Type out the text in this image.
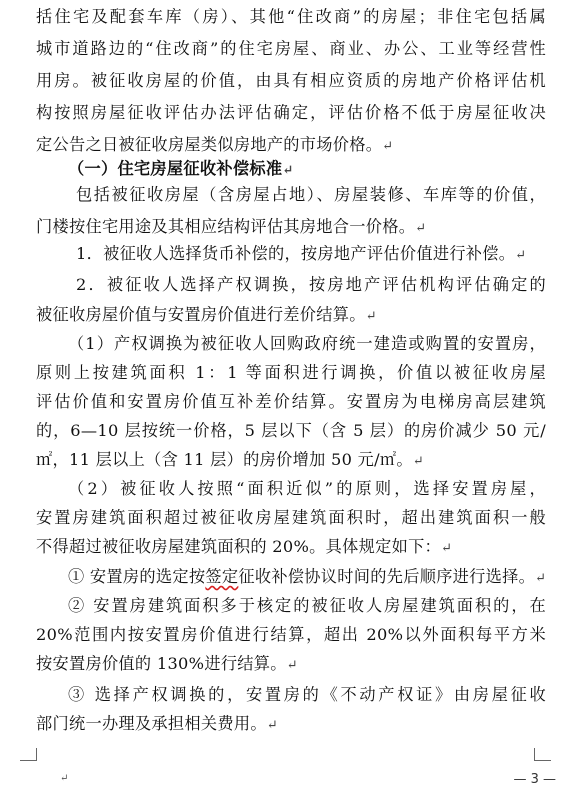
括住宅及配套车库（房）、其他“住改商”的房屋；非住宅包括属
城市道路边的“住改商”的住宅房屋、商业、办公、工业等经营性
用房。被征收房屋的价值，由具有相应资质的房地产价格评估机
构按照房屋征收评估办法评估确定，评估价格不低于房屋征收决
定公告之日被征收房屋类似房地产的市场价格。↵
（一）住宅房屋征收补偿标准↵
包括被征收房屋（含房屋占地）、房屋装修、车库等的价值，
门楼按住宅用途及其相应结构评估其房地合一价格。↵
1．被征收人选择货币补偿的，按房地产评估价值进行补偿。↵
2．被征收人选择产权调换，按房地产评估机构评估确定的
被征收房屋价值与安置房价值进行差价结算。↵
（1）产权调换为被征收人回购政府统一建造或购置的安置房，
原则上按建筑面积 1：1 等面积进行调换，价值以被征收房屋
评估价值和安置房价值互补差价结算。安置房为电梯房高层建筑
的，6—10 层按统一价格，5 层以下（含 5 层）的房价减少 50 元/
㎡，11 层以上（含 11 层）的房价增加 50 元/㎡。↵
（2）被征收人按照“面积近似”的原则，选择安置房屋，
安置房建筑面积超过被征收房屋建筑面积时，超出建筑面积一般
不得超过被征收房屋建筑面积的 20%。具体规定如下：↵
① 安置房的选定按签定征收补偿协议时间的先后顺序进行选择。↵
② 安置房建筑面积多于核定的被征收人房屋建筑面积的，在
20%范围内按安置房价值进行结算，超出 20%以外面积每平方米
按安置房价值的 130%进行结算。↵
③ 选择产权调换的，安置房的《不动产权证》由房屋征收
部门统一办理及承担相关费用。↵
↵	— 3 —
